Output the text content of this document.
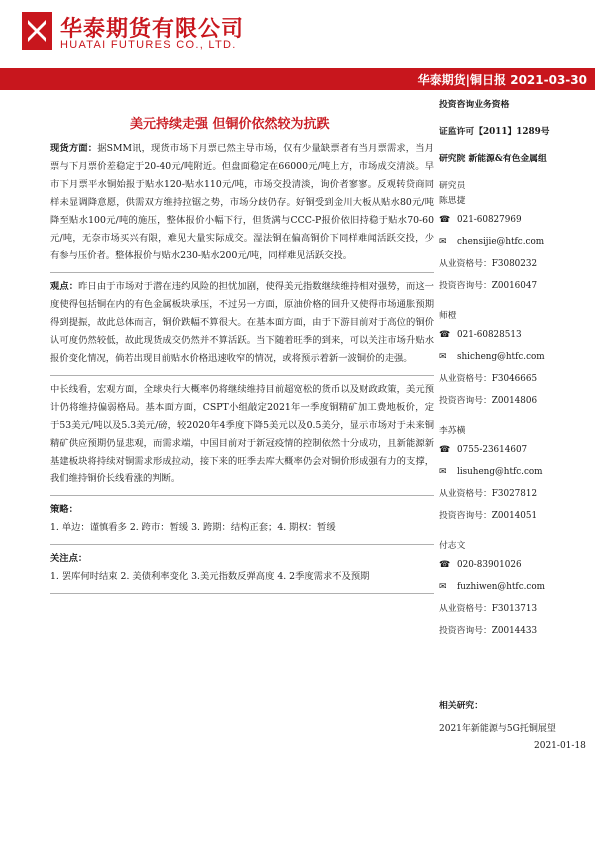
华泰期货有限公司
HUATAI FUTURES CO., LTD.
华泰期货|铜日报 2021-03-30
美元持续走强 但铜价依然较为抗跌

现货方面：据SMM讯，现货市场下月票已然主导市场，仅有少量缺票者有当月票需求，当月票与下月票价差稳定于20-40元/吨附近。但盘面稳定在66000元/吨上方，市场成交清淡。早市下月票平水铜始报于贴水120-贴水110元/吨，市场交投清淡，询价者寥寥。反观转贷商同样未显调降意愿，供需双方维持拉锯之势，市场分歧仍存。好铜受到金川大板从贴水80元/吨降至贴水100元/吨的施压，整体报价小幅下行，但货满与CCC-P报价依旧持稳于贴水70-60元/吨，无奈市场买兴有限，难见大量实际成交。湿法铜在偏高铜价下同样难闻活跃交投，少有参与压价者。整体报价与贴水230-贴水200元/吨，同样难见活跃交投。

观点：昨日由于市场对于潜在违约风险的担忧加剧，使得美元指数继续维持相对强势，而这一度使得包括铜在内的有色金属板块承压，不过另一方面，原油价格的回升又使得市场通胀预期得到提振，故此总体而言，铜价跌幅不算很大。在基本面方面，由于下游目前对于高位的铜价认可度仍然较低，故此现货成交仍然并不算活跃。当下随着旺季的到来，可以关注市场升贴水报价变化情况，倘若出现目前贴水价格迅速收窄的情况，或将预示着新一波铜价的走强。

中长线看，宏观方面，全球央行大概率仍将继续维持目前超宽松的货币以及财政政策，美元预计仍将维持偏弱格局。基本面方面，CSPT小组敲定2021年一季度铜精矿加工费地板价，定于53美元/吨以及5.3美元/磅，较2020年4季度下降5美元以及0.5美分，显示市场对于未来铜精矿供应预期仍显悲观，而需求端，中国目前对于新冠疫情的控制依然十分成功，且新能源新基建板块将持续对铜需求形成拉动，接下来的旺季去库大概率仍会对铜价形成强有力的支撑，我们维持铜价长线看涨的判断。

策略：

1. 单边：谨慎看多 2. 跨市：暂缓 3. 跨期：结构正套；4. 期权：暂缓

关注点：

1. 罢库何时结束 2. 美债利率变化 3.美元指数反弹高度 4. 2季度需求不及预期

投资咨询业务资格
证监许可【2011】1289号
研究院 新能源&有色金属组
研究员
陈思捷
☎ 021-60827969
✉	chensijie@htfc.com
从业资格号：F3080232
投资咨询号：Z0016047
师橙
☎ 021-60828513
✉	shicheng@htfc.com
从业资格号：F3046665
投资咨询号：Z0014806
李苏横
☎ 0755-23614607
✉	lisuheng@htfc.com
从业资格号：F3027812
投资咨询号：Z0014051
付志文
☎ 020-83901026
✉	fuzhiwen@htfc.com
从业资格号：F3013713
投资咨询号：Z0014433
相关研究：
2021年新能源与5G托铜展望
2021-01-18
